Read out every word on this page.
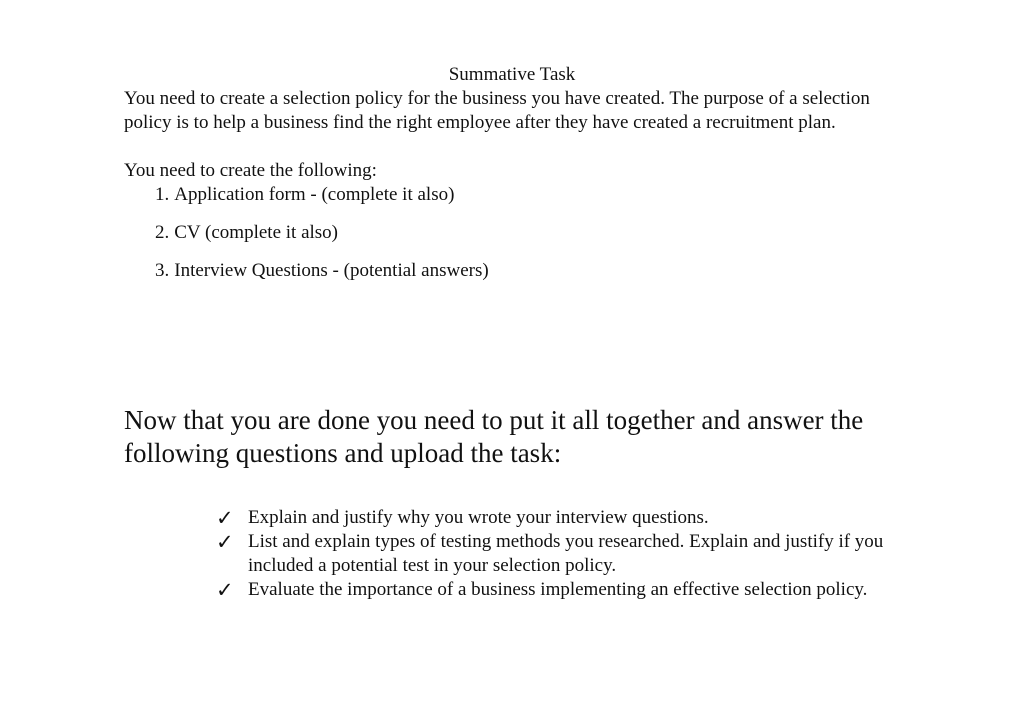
Summative Task

You need to create a selection policy for the business you have created. The purpose of a selection policy is to help a business find the right employee after they have created a recruitment plan.

You need to create the following:

1. Application form - (complete it also)
2. CV (complete it also)
3. Interview Questions - (potential answers)
Now that you are done you need to put it all together and answer the following questions and upload the task:
✓ Explain and justify why you wrote your interview questions.
✓ List and explain types of testing methods you researched. Explain and justify if you included a potential test in your selection policy.
✓ Evaluate the importance of a business implementing an effective selection policy.
